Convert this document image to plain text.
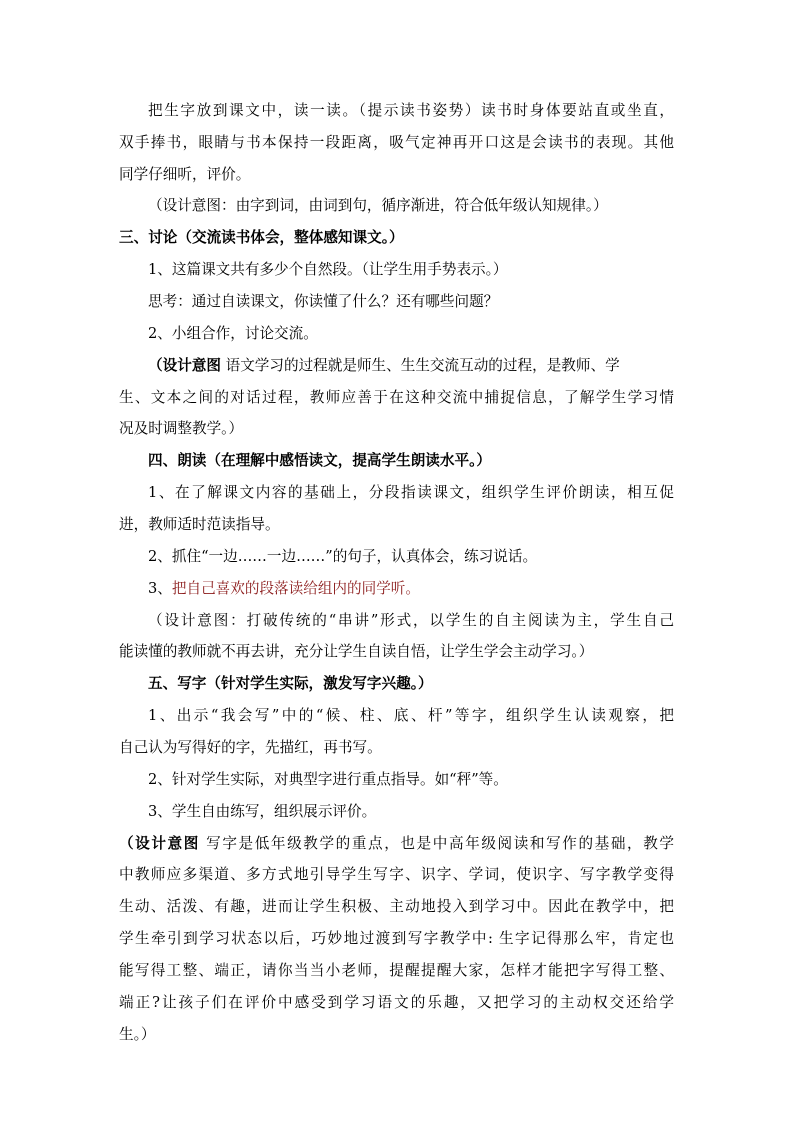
把生字放到课文中，读一读。（提示读书姿势）读书时身体要站直或坐直，
双手捧书，眼睛与书本保持一段距离，吸气定神再开口这是会读书的表现。其他
同学仔细听，评价。
（设计意图：由字到词，由词到句，循序渐进，符合低年级认知规律。）
三、讨论（交流读书体会，整体感知课文。）
1、这篇课文共有多少个自然段。（让学生用手势表示。）
思考：通过自读课文，你读懂了什么？还有哪些问题？
2、小组合作，讨论交流。
（设计意图 语文学习的过程就是师生、生生交流互动的过程，是教师、学
生、文本之间的对话过程，教师应善于在这种交流中捕捉信息，了解学生学习情
况及时调整教学。）
四、朗读（在理解中感悟读文，提高学生朗读水平。）
1、在了解课文内容的基础上，分段指读课文，组织学生评价朗读，相互促
进，教师适时范读指导。
2、抓住“一边……一边……”的句子，认真体会，练习说话。
3、把自己喜欢的段落读给组内的同学听。
（设计意图：打破传统的“串讲”形式，以学生的自主阅读为主，学生自己
能读懂的教师就不再去讲，充分让学生自读自悟，让学生学会主动学习。）
五、写字（针对学生实际，激发写字兴趣。）
1、出示“我会写”中的“候、柱、底、杆”等字，组织学生认读观察，把
自己认为写得好的字，先描红，再书写。
2、针对学生实际，对典型字进行重点指导。如“秤”等。
3、学生自由练写，组织展示评价。
（设计意图 写字是低年级教学的重点，也是中高年级阅读和写作的基础，教学
中教师应多渠道、多方式地引导学生写字、识字、学词，使识字、写字教学变得
生动、活泼、有趣，进而让学生积极、主动地投入到学习中。因此在教学中，把
学生牵引到学习状态以后，巧妙地过渡到写字教学中: 生字记得那么牢，肯定也
能写得工整、端正，请你当当小老师，提醒提醒大家，怎样才能把字写得工整、
端正?让孩子们在评价中感受到学习语文的乐趣，又把学习的主动权交还给学
生。）
